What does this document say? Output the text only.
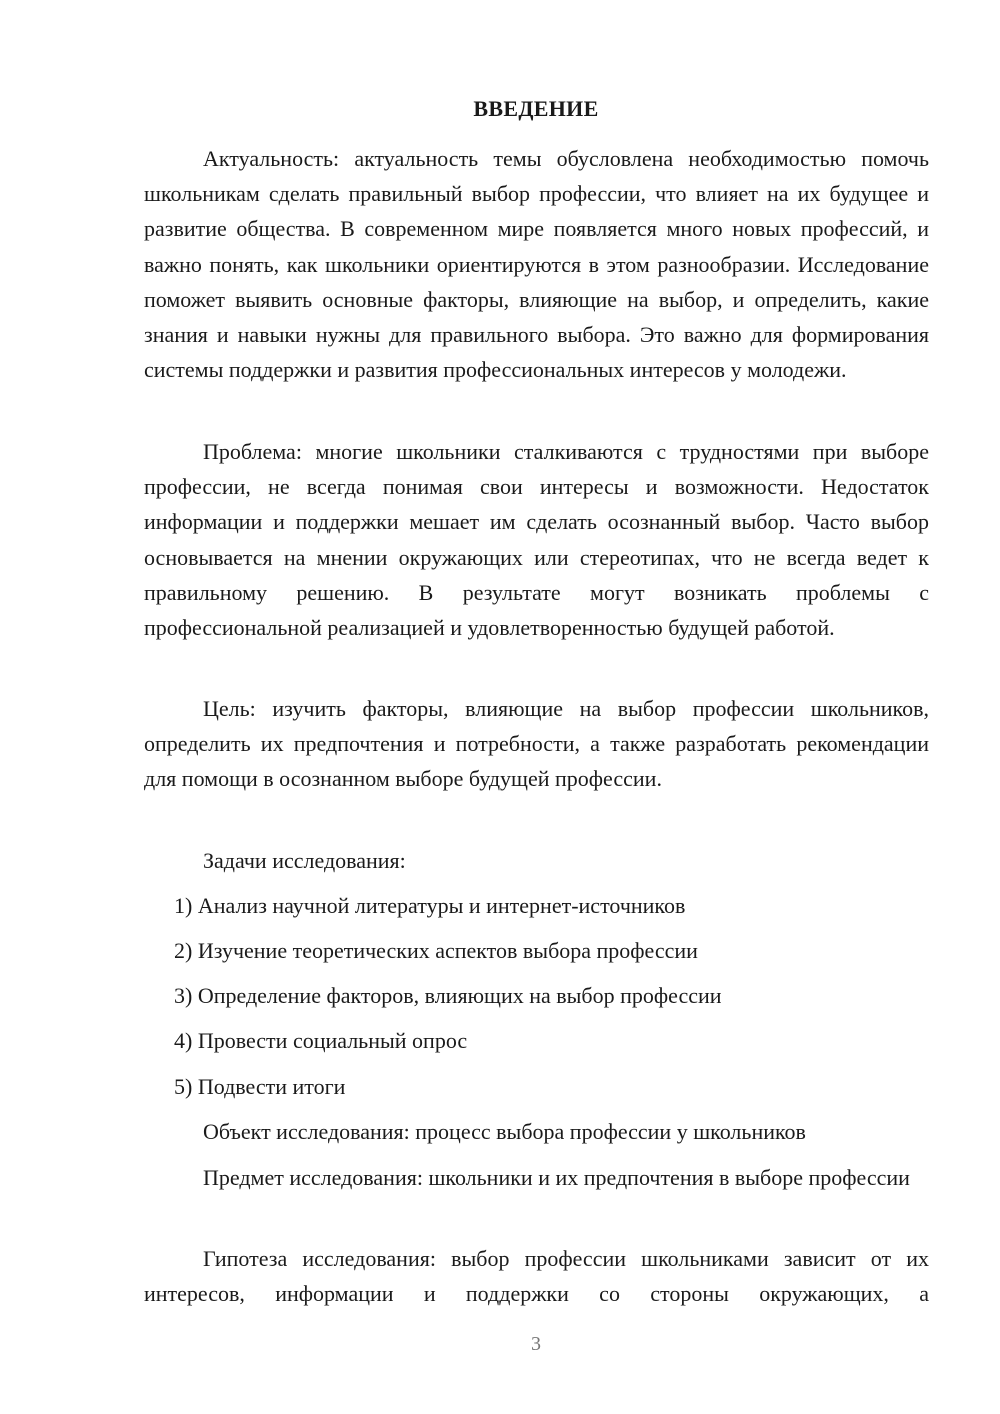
ВВЕДЕНИЕ

Актуальность: актуальность темы обусловлена необходимостью помочь школьникам сделать правильный выбор профессии, что влияет на их будущее и развитие общества. В современном мире появляется много новых профессий, и важно понять, как школьники ориентируются в этом разнообразии. Исследование поможет выявить основные факторы, влияющие на выбор, и определить, какие знания и навыки нужны для правильного выбора. Это важно для формирования системы поддержки и развития профессиональных интересов у молодежи.

Проблема: многие школьники сталкиваются с трудностями при выборе профессии, не всегда понимая свои интересы и возможности. Недостаток информации и поддержки мешает им сделать осознанный выбор. Часто выбор основывается на мнении окружающих или стереотипах, что не всегда ведет к правильному решению. В результате могут возникать проблемы с профессиональной реализацией и удовлетворенностью будущей работой.

Цель: изучить факторы, влияющие на выбор профессии школьников, определить их предпочтения и потребности, а также разработать рекомендации для помощи в осознанном выборе будущей профессии.

Задачи исследования:

1) Анализ научной литературы и интернет-источников

2) Изучение теоретических аспектов выбора профессии

3) Определение факторов, влияющих на выбор профессии

4) Провести социальный опрос

5) Подвести итоги

Объект исследования: процесс выбора профессии у школьников

Предмет исследования: школьники и их предпочтения в выборе профессии

Гипотеза исследования: выбор профессии школьниками зависит от их интересов, информации и поддержки со стороны окружающих, а

3
